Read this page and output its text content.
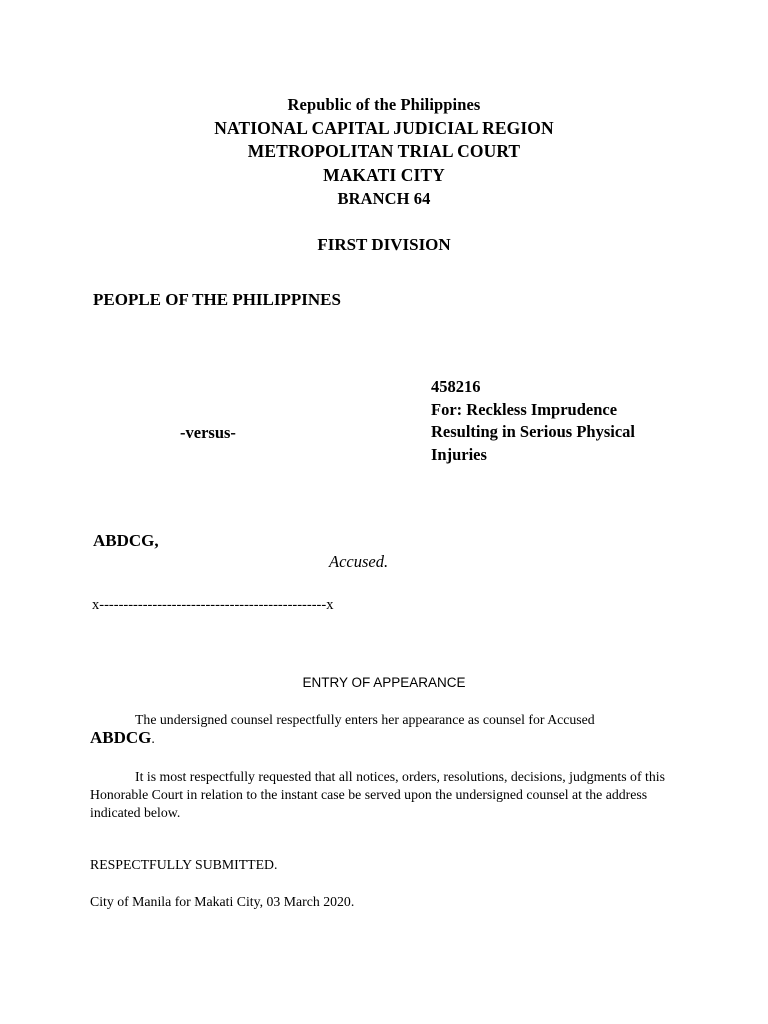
Republic of the Philippines
NATIONAL CAPITAL JUDICIAL REGION
METROPOLITAN TRIAL COURT
MAKATI CITY
BRANCH 64
FIRST DIVISION
PEOPLE OF THE PHILIPPINES
458216
For: Reckless Imprudence
Resulting in Serious Physical
Injuries
-versus-
ABDCG,
Accused.
x-----------------------------------------------x
ENTRY OF APPEARANCE
The undersigned counsel respectfully enters her appearance as counsel for Accused
ABDCG.
It is most respectfully requested that all notices, orders, resolutions, decisions, judgments of this Honorable Court in relation to the instant case be served upon the undersigned counsel at the address indicated below.
RESPECTFULLY SUBMITTED.
City of Manila for Makati City, 03 March 2020.
